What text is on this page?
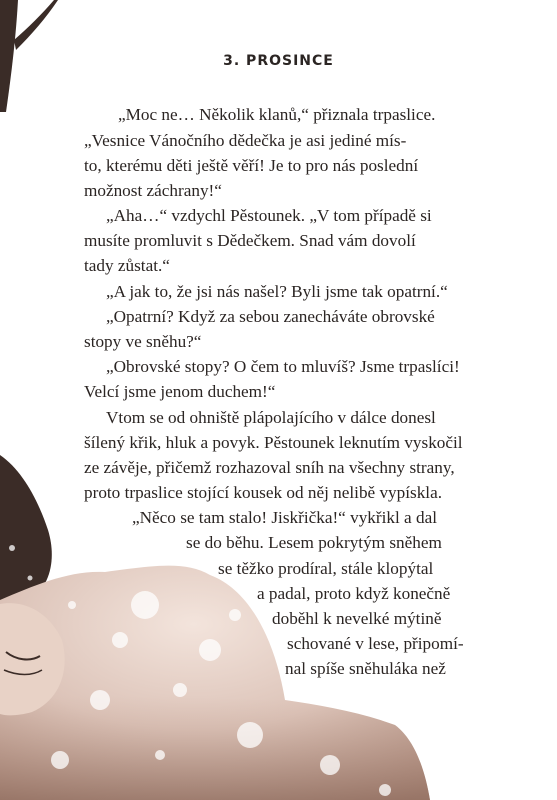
3. PROSINCE
„Moc ne… Několik klanů,“ přiznala trpaslice.
„Vesnice Vánočního dědečka je asi jediné mís-
to, kterému děti ještě věří! Je to pro nás poslední
možnost záchrany!“
„Aha…“ vzdychl Pěstounek. „V tom případě si
musíte promluvit s Dědečkem. Snad vám dovolí
tady zůstat.“
„A jak to, že jsi nás našel? Byli jsme tak opatrní.“
„Opatrní? Když za sebou zanecháváte obrovské
stopy ve sněhu?“
„Obrovské stopy? O čem to mluvíš? Jsme trpaslíci!
Velcí jsme jenom duchem!“
Vtom se od ohniště plápolajícího v dálce donesl
šílený křik, hluk a povyk. Pěstounek leknutím vyskočil
ze závěje, přičemž rozhazoval sníh na všechny strany,
proto trpaslice stojící kousek od něj nelibě vypískla.
„Něco se tam stalo! Jiskřička!“ vykřikl a dal
se do běhu. Lesem pokrytým sněhem
se těžko prodíral, stále klopýtal
a padal, proto když konečně
doběhl k nevelké mýtině
schované v lese, připomí-
nal spíše sněhuláka než
